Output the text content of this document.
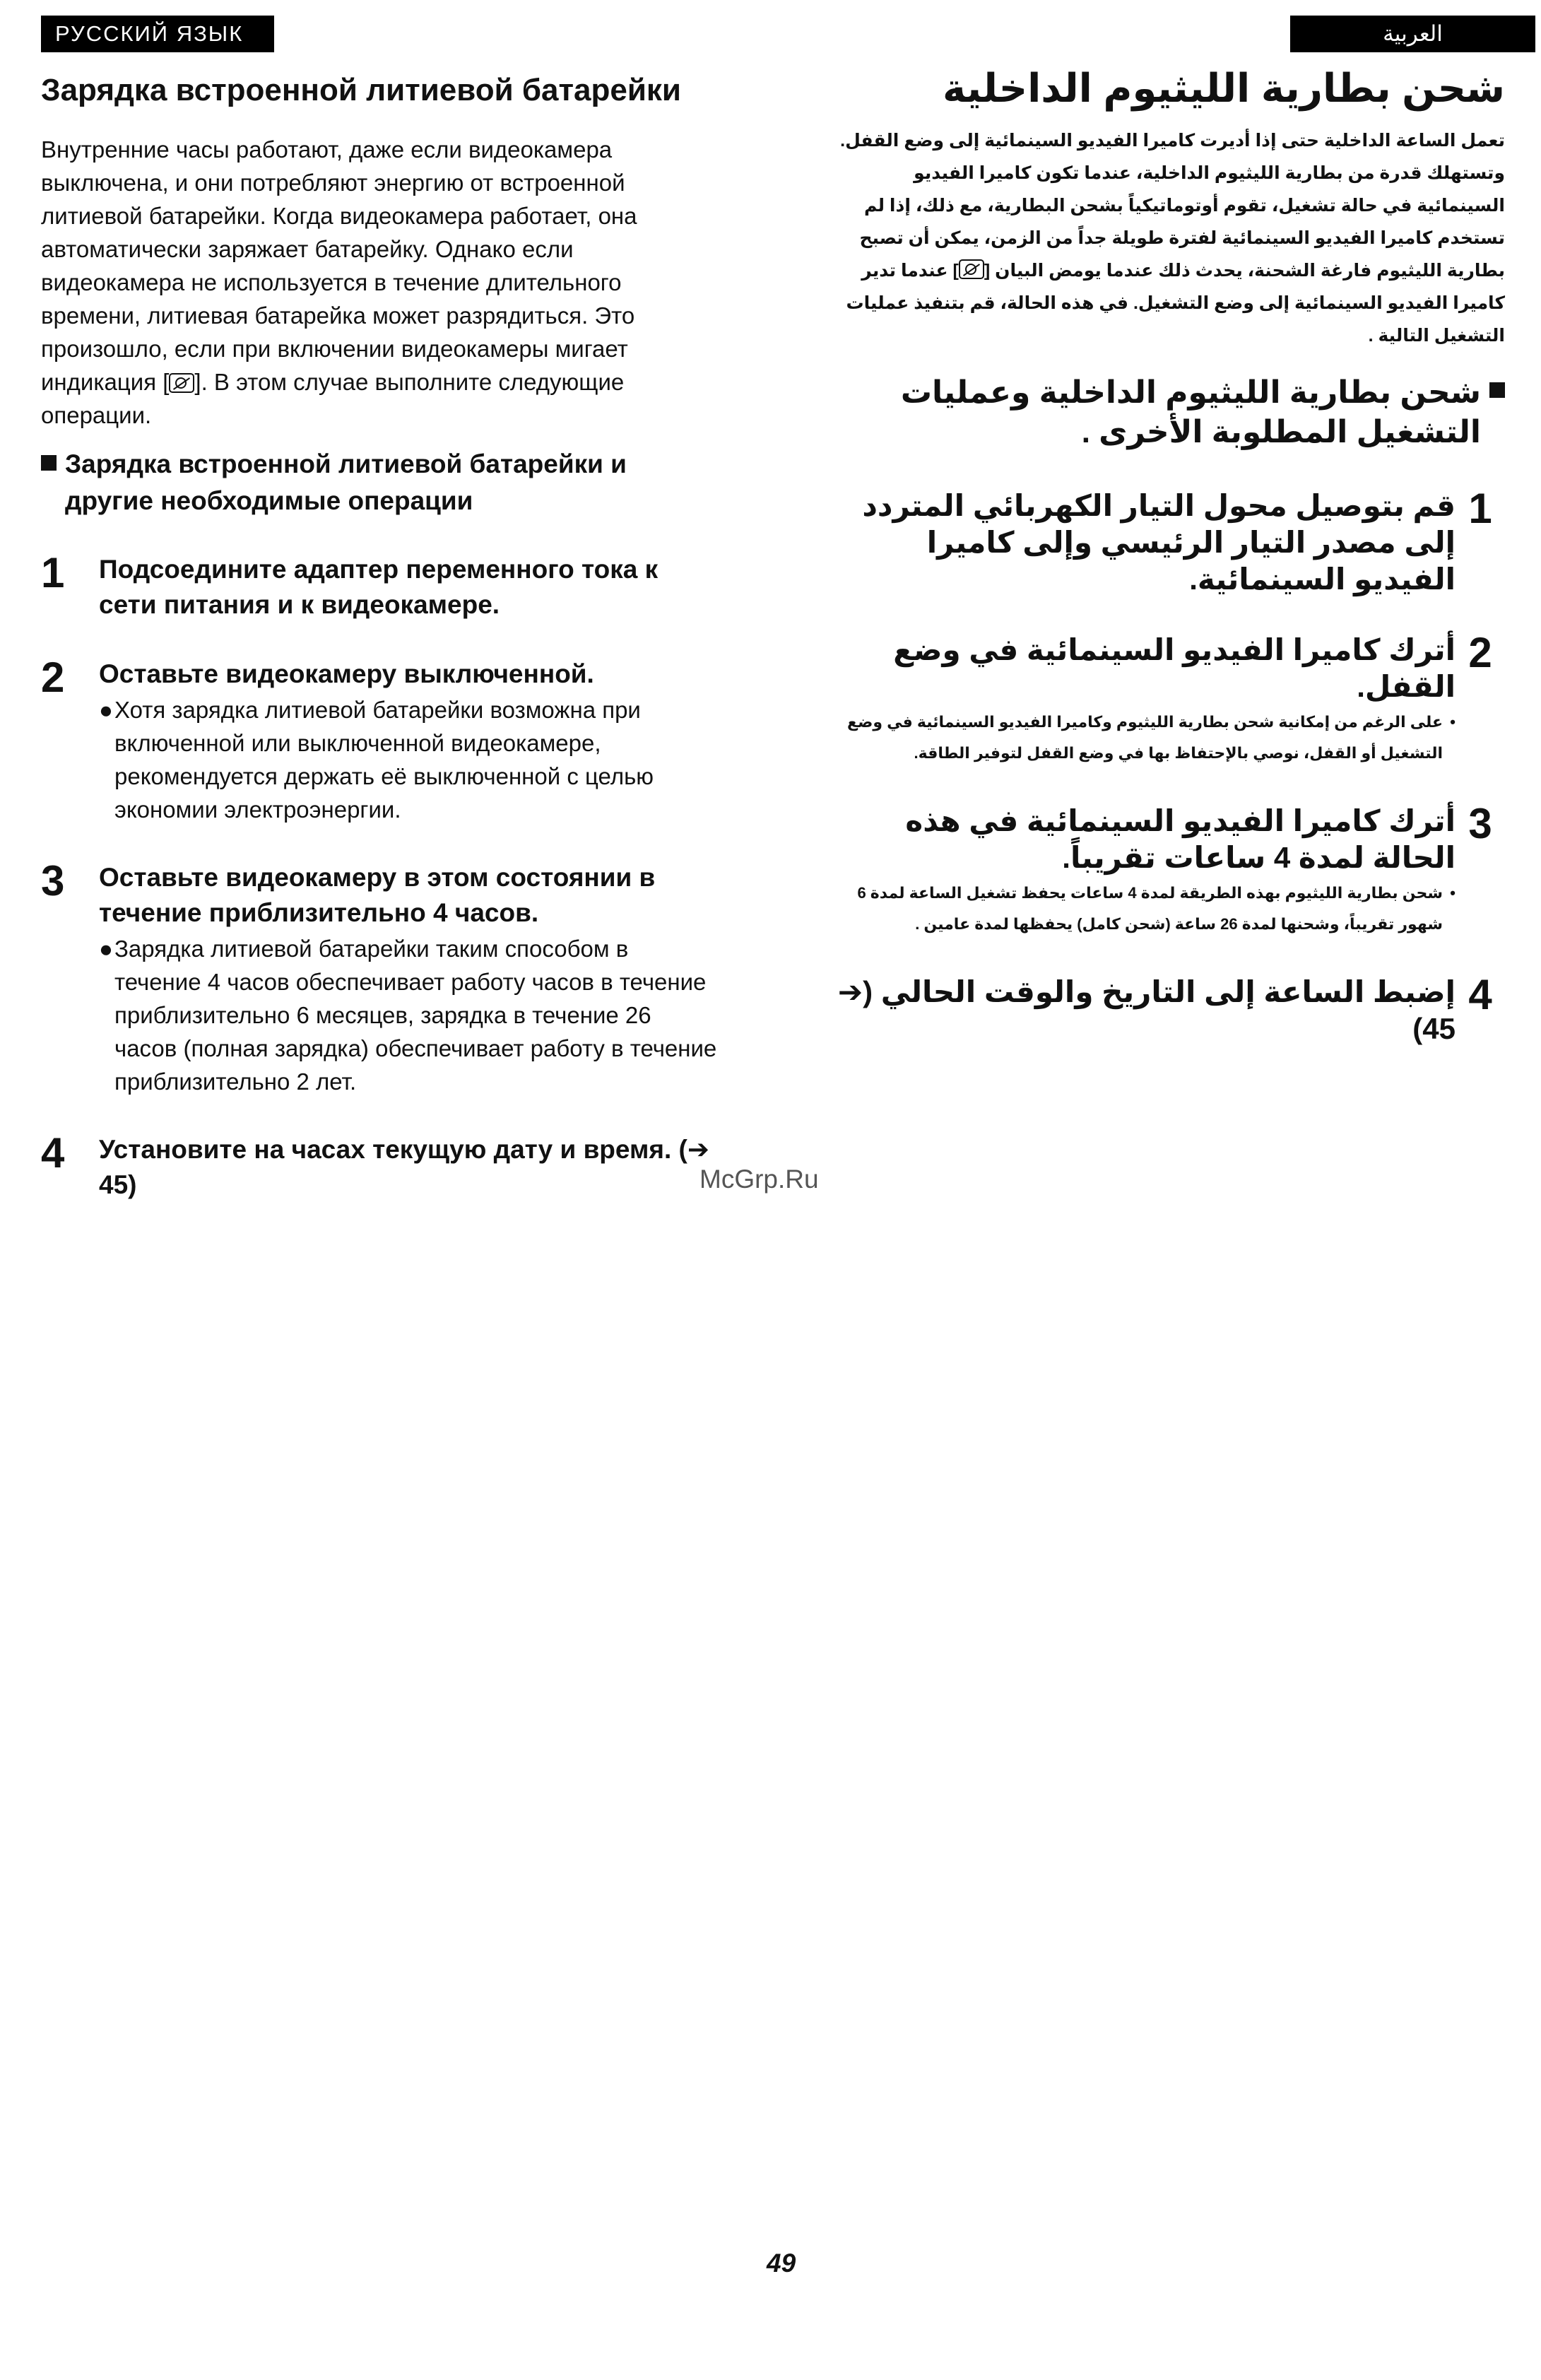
РУССКИЙ ЯЗЫК	العربية
Зарядка встроенной литиевой батарейки

Внутренние часы работают, даже если видеокамера выключена, и они потребляют энергию от встроенной литиевой батарейки. Когда видеокамера работает, она автоматически заряжает батарейку. Однако если видеокамера не используется в течение длительного времени, литиевая батарейка может разрядиться. Это произошло, если при включении видеокамеры мигает индикация [ ]. В этом случае выполните следующие операции.

Зарядка встроенной литиевой батарейки и другие необходимые операции
1	Подсоедините адаптер переменного тока к сети питания и к видеокамере.
2	Оставьте видеокамеру выключенной.
● Хотя зарядка литиевой батарейки возможна при включенной или выключенной видеокамере, рекомендуется держать её выключенной с целью экономии электроэнергии.
3	Оставьте видеокамеру в этом состоянии в течение приблизительно 4 часов.
● Зарядка литиевой батарейки таким способом в течение 4 часов обеспечивает работу часов в течение приблизительно 6 месяцев, зарядка в течение 26 часов (полная зарядка) обеспечивает работу в течение приблизительно 2 лет.
4	Установите на часах текущую дату и время. (➔ 45)
شحن بطارية الليثيوم الداخلية

تعمل الساعة الداخلية حتى إذا أديرت كاميرا الفيديو السينمائية إلى وضع القفل. وتستهلك قدرة من بطارية الليثيوم الداخلية، عندما تكون كاميرا الفيديو السينمائية في حالة تشغيل، تقوم أوتوماتيكياً بشحن البطارية، مع ذلك، إذا لم تستخدم كاميرا الفيديو السينمائية لفترة طويلة جداً من الزمن، يمكن أن تصبح بطارية الليثيوم فارغة الشحنة، يحدث ذلك عندما يومض البيان [] عندما تدير كاميرا الفيديو السينمائية إلى وضع التشغيل. في هذه الحالة، قم بتنفيذ عمليات التشغيل التالية .

شحن بطارية الليثيوم الداخلية وعمليات التشغيل المطلوبة الأخرى .
1
قم بتوصيل محول التيار الكهربائي المتردد إلى مصدر التيار الرئيسي وإلى كاميرا الفيديو السينمائية.
2
أترك كاميرا الفيديو السينمائية في وضع القفل.
•
على الرغم من إمكانية شحن بطارية الليثيوم وكاميرا الفيديو السينمائية في وضع التشغيل أو القفل، نوصي بالإحتفاظ بها في وضع القفل لتوفير الطاقة.
3
أترك كاميرا الفيديو السينمائية في هذه الحالة لمدة 4 ساعات تقريباً.
•
شحن بطارية الليثيوم بهذه الطريقة لمدة 4 ساعات يحفظ تشغيل الساعة لمدة 6 شهور تقريباً، وشحنها لمدة 26 ساعة (شحن كامل) يحفظها لمدة عامين .
4
إضبط الساعة إلى التاريخ والوقت الحالي (➔ 45)
McGrp.Ru
49
